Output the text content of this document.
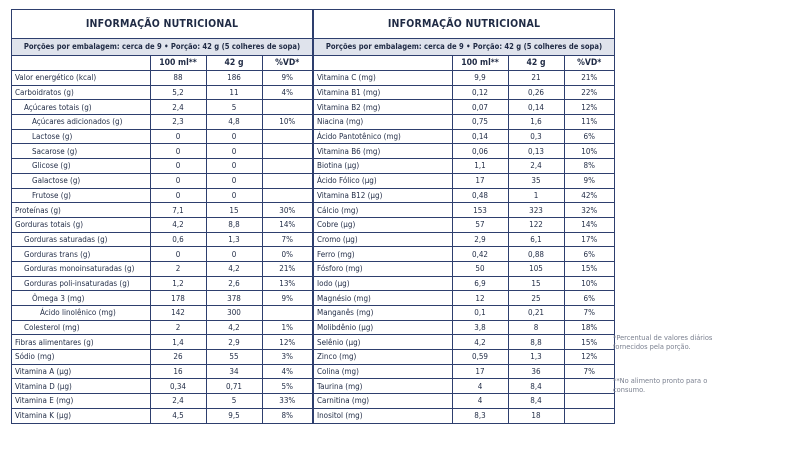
INFORMAÇÃO NUTRICIONAL
Porções por embalagem: cerca de 9 • Porção: 42 g (5 colheres de sopa)
	100 ml**	42 g	%VD*
Valor energético (kcal)	88	186	9%
Carboidratos (g)	5,2	11	4%
Açúcares totais (g)	2,4	5	
Açúcares adicionados (g)	2,3	4,8	10%
Lactose (g)	0	0	
Sacarose (g)	0	0	
Glicose (g)	0	0	
Galactose (g)	0	0	
Frutose (g)	0	0	
Proteínas (g)	7,1	15	30%
Gorduras totais (g)	4,2	8,8	14%
Gorduras saturadas (g)	0,6	1,3	7%
Gorduras trans (g)	0	0	0%
Gorduras monoinsaturadas (g)	2	4,2	21%
Gorduras poli-insaturadas (g)	1,2	2,6	13%
Ômega 3 (mg)	178	378	9%
Ácido linolênico (mg)	142	300	
Colesterol (mg)	2	4,2	1%
Fibras alimentares (g)	1,4	2,9	12%
Sódio (mg)	26	55	3%
Vitamina A (µg)	16	34	4%
Vitamina D (µg)	0,34	0,71	5%
Vitamina E (mg)	2,4	5	33%
Vitamina K (µg)	4,5	9,5	8%
INFORMAÇÃO NUTRICIONAL
Porções por embalagem: cerca de 9 • Porção: 42 g (5 colheres de sopa)
	100 ml**	42 g	%VD*
Vitamina C (mg)	9,9	21	21%
Vitamina B1 (mg)	0,12	0,26	22%
Vitamina B2 (mg)	0,07	0,14	12%
Niacina (mg)	0,75	1,6	11%
Ácido Pantotênico (mg)	0,14	0,3	6%
Vitamina B6 (mg)	0,06	0,13	10%
Biotina (µg)	1,1	2,4	8%
Ácido Fólico (µg)	17	35	9%
Vitamina B12 (µg)	0,48	1	42%
Cálcio (mg)	153	323	32%
Cobre (µg)	57	122	14%
Cromo (µg)	2,9	6,1	17%
Ferro (mg)	0,42	0,88	6%
Fósforo (mg)	50	105	15%
Iodo (µg)	6,9	15	10%
Magnésio (mg)	12	25	6%
Manganês (mg)	0,1	0,21	7%
Molibdênio (µg)	3,8	8	18%
Selênio (µg)	4,2	8,8	15%
Zinco (mg)	0,59	1,3	12%
Colina (mg)	17	36	7%
Taurina (mg)	4	8,4	
Carnitina (mg)	4	8,4	
Inositol (mg)	8,3	18	
*Percentual de valores diários fornecidos pela porção.
**No alimento pronto para o consumo.
